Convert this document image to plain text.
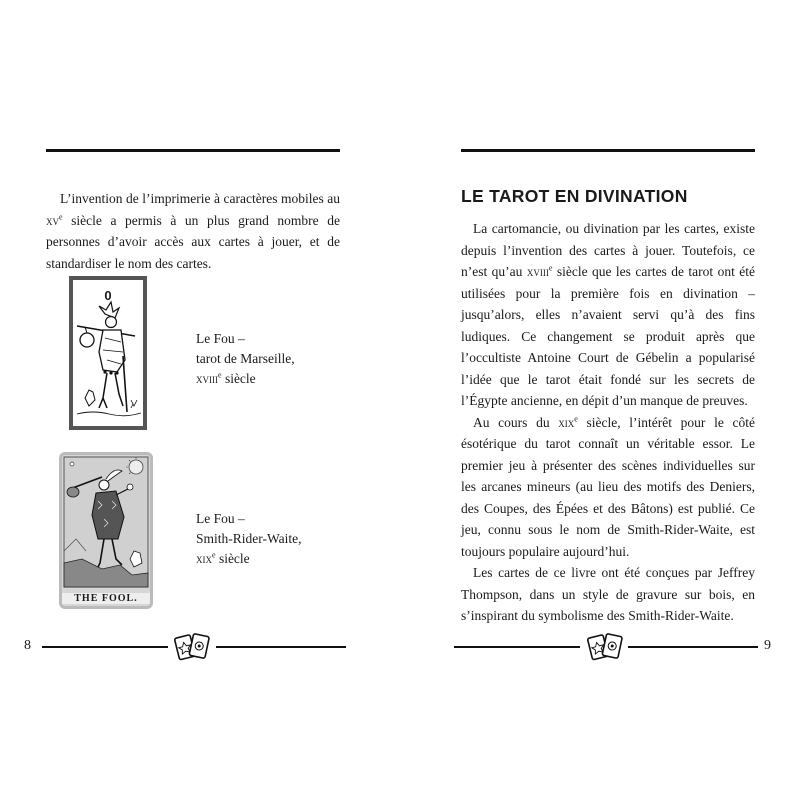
L’invention de l’imprimerie à caractères mobiles au $xv^e$ siècle a permis à un plus grand nombre de personnes d’avoir accès aux cartes à jouer, et de standardiser le nom des cartes.
0
Le Fou –
tarot de Marseille,
xviii$^e$ siècle
THE FOOL.
Le Fou –
Smith-Rider-Waite,
xix$^e$ siècle
LE TAROT EN DIVINATION

La cartomancie, ou divination par les cartes, existe depuis l’invention des cartes à jouer. Toutefois, ce n’est qu’au xviii$^e$ siècle que les cartes de tarot ont été utilisées pour la première fois en divination – jusqu’alors, elles n’avaient servi qu’à des fins ludiques. Ce changement se produit après que l’occultiste Antoine Court de Gébelin a popularisé l’idée que le tarot était fondé sur les secrets de l’Égypte ancienne, en dépit d’un manque de preuves.

Au cours du xix$^e$ siècle, l’intérêt pour le côté ésotérique du tarot connaît un véritable essor. Le premier jeu à présenter des scènes individuelles sur les arcanes mineurs (au lieu des motifs des Deniers, des Coupes, des Épées et des Bâtons) est publié. Ce jeu, connu sous le nom de Smith-Rider-Waite, est toujours populaire aujourd’hui.

Les cartes de ce livre ont été conçues par Jeffrey Thompson, dans un style de gravure sur bois, en s’inspirant du symbolisme des Smith-Rider-Waite.

8	9
